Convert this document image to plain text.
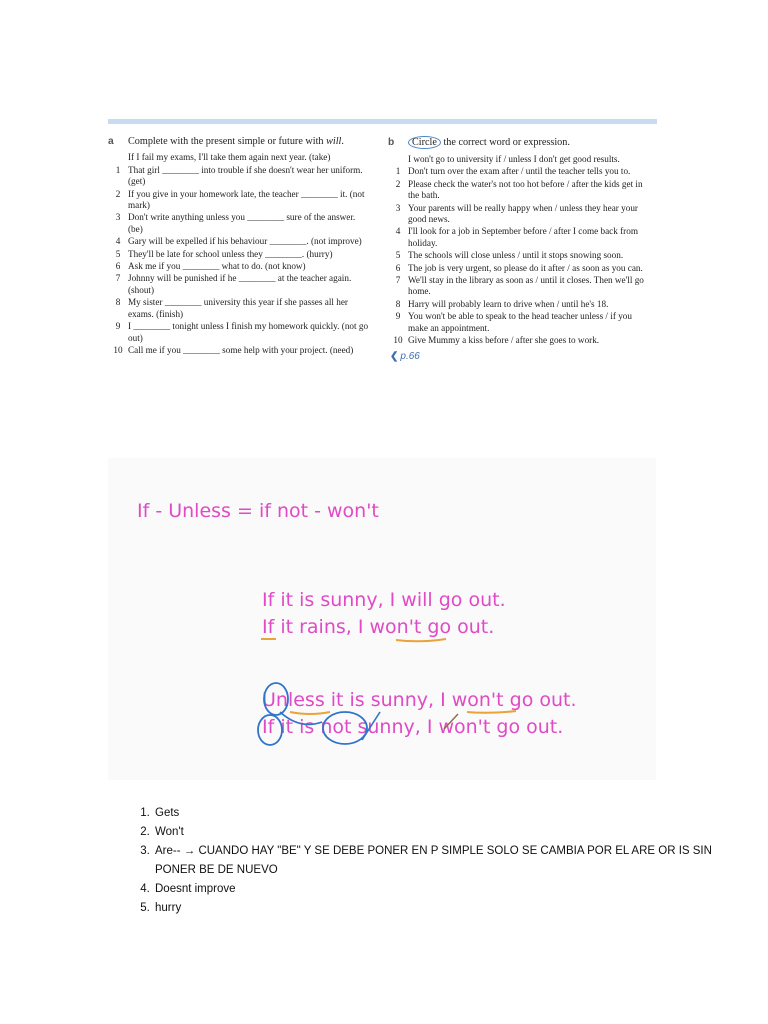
a	Complete with the present simple or future with will.
If I fail my exams, I'll take them again next year. (take)
1 That girl ________ into trouble if she doesn't wear her uniform. (get)
2 If you give in your homework late, the teacher ________ it. (not mark)
3 Don't write anything unless you ________ sure of the answer. (be)
4 Gary will be expelled if his behaviour ________. (not improve)
5 They'll be late for school unless they ________. (hurry)
6 Ask me if you ________ what to do. (not know)
7 Johnny will be punished if he ________ at the teacher again. (shout)
8 My sister ________ university this year if she passes all her exams. (finish)
9 I ________ tonight unless I finish my homework quickly. (not go out)
10 Call me if you ________ some help with your project. (need)
b	Circle the correct word or expression.
I won't go to university if / unless I don't get good results.
1 Don't turn over the exam after / until the teacher tells you to.
2 Please check the water's not too hot before / after the kids get in the bath.
3 Your parents will be really happy when / unless they hear your good news.
4 I'll look for a job in September before / after I come back from holiday.
5 The schools will close unless / until it stops snowing soon.
6 The job is very urgent, so please do it after / as soon as you can.
7 We'll stay in the library as soon as / until it closes. Then we'll go home.
8 Harry will probably learn to drive when / until he's 18.
9 You won't be able to speak to the head teacher unless / if you make an appointment.
10 Give Mummy a kiss before / after she goes to work.
❮ p.66
If - Unless = if not - won't
If it is sunny, I will go out.
If it rains, I won't go out.
Unless it is sunny, I won't go out.
If it is not sunny, I won't go out.
1. Gets
2. Won't
3. Are-- → CUANDO HAY "BE" Y SE DEBE PONER EN P SIMPLE SOLO SE CAMBIA POR EL ARE OR IS SIN PONER BE DE NUEVO
4. Doesnt improve
5. hurry
